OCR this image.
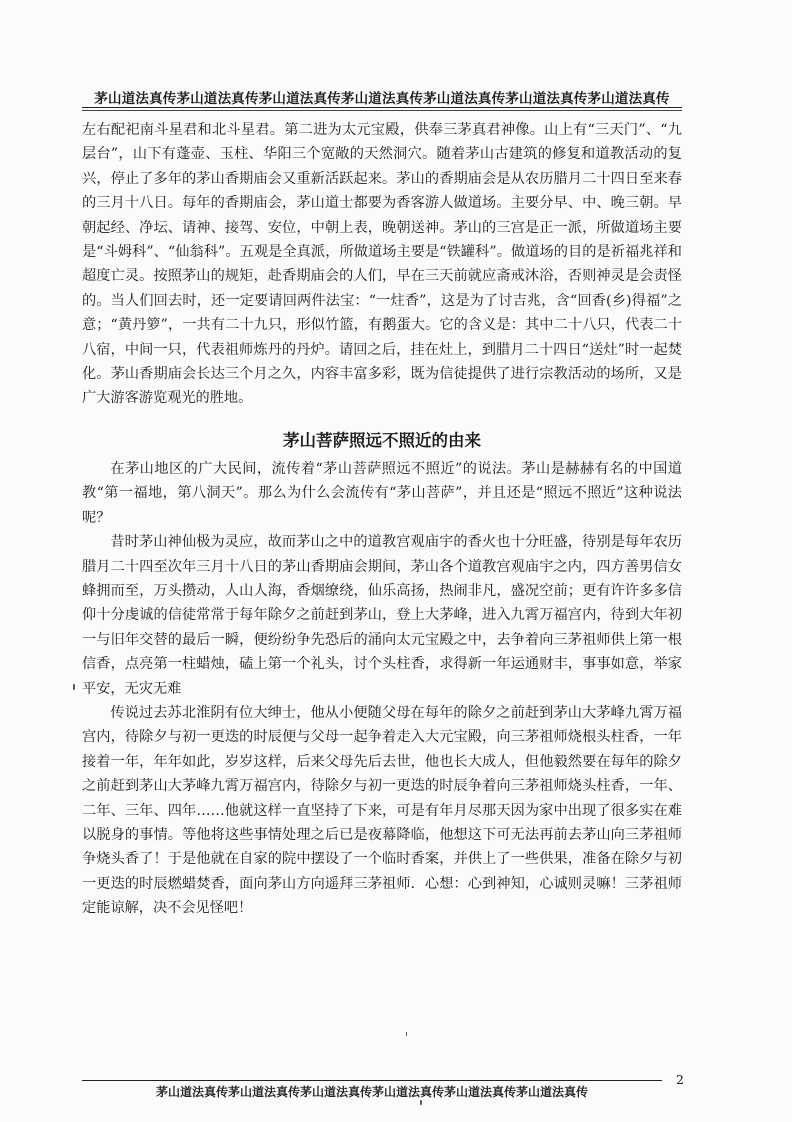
茅山道法真传茅山道法真传茅山道法真传茅山道法真传茅山道法真传茅山道法真传茅山道法真传

左右配祀南斗星君和北斗星君。第二进为太元宝殿，供奉三茅真君神像。山上有“三天门”、“九层台”，山下有蓬壶、玉柱、华阳三个宽敞的天然洞穴。随着茅山古建筑的修复和道教活动的复兴，停止了多年的茅山香期庙会又重新活跃起来。茅山的香期庙会是从农历腊月二十四日至来春的三月十八日。每年的香期庙会，茅山道士都要为香客游人做道场。主要分早、中、晚三朝。早朝起经、净坛、请神、接驾、安位，中朝上表，晚朝送神。茅山的三宫是正一派，所做道场主要是“斗姆科”、“仙翁科”。五观是全真派，所做道场主要是“铁罐科”。做道场的目的是祈福兆祥和超度亡灵。按照茅山的规矩，赴香期庙会的人们，早在三天前就应斋戒沐浴，否则神灵是会责怪的。当人们回去时，还一定要请回两件法宝：“一炷香”，这是为了讨吉兆，含“回香(乡)得福”之意；“黄丹箩”，一共有二十九只，形似竹篮，有鹅蛋大。它的含义是：其中二十八只，代表二十八宿，中间一只，代表祖师炼丹的丹炉。请回之后，挂在灶上，到腊月二十四日“送灶”时一起焚化。茅山香期庙会长达三个月之久，内容丰富多彩，既为信徒提供了进行宗教活动的场所，又是广大游客游览观光的胜地。

茅山菩萨照远不照近的由来

在茅山地区的广大民间，流传着“茅山菩萨照远不照近”的说法。茅山是赫赫有名的中国道教“第一福地，第八洞天”。那么为什么会流传有“茅山菩萨”，并且还是“照远不照近”这种说法呢？

昔时茅山神仙极为灵应，故而茅山之中的道教宫观庙宇的香火也十分旺盛，待别是每年农历腊月二十四至次年三月十八日的茅山香期庙会期间，茅山各个道教宫观庙宇之内，四方善男信女蜂拥而至，万头攒动，人山人海，香烟缭绕，仙乐高扬，热闹非凡，盛况空前；更有许许多多信仰十分虔诚的信徒常常于每年除夕之前赶到茅山，登上大茅峰，进入九霄万福宫内，待到大年初一与旧年交替的最后一瞬，便纷纷争先恐后的涌向太元宝殿之中，去争着向三茅祖师供上第一根信香，点亮第一柱蜡烛，磕上第一个礼头，讨个头柱香，求得新一年运通财丰，事事如意，举家平安，无灾无难

传说过去苏北淮阴有位大绅士，他从小便随父母在每年的除夕之前赶到茅山大茅峰九霄万福宫内，待除夕与初一更迭的时辰便与父母一起争着走入大元宝殿，向三茅祖师烧根头柱香，一年接着一年，年年如此，岁岁这样，后来父母先后去世，他也长大成人，但他毅然要在每年的除夕之前赶到茅山大茅峰九霄万福宫内，待除夕与初一更迭的时辰争着向三茅祖师烧头柱香，一年、二年、三年、四年……他就这样一直坚持了下来，可是有年月尽那天因为家中出现了很多实在难以脱身的事情。等他将这些事情处理之后已是夜幕降临，他想这下可无法再前去茅山向三茅祖师争烧头香了！于是他就在自家的院中摆设了一个临时香案，并供上了一些供果，准备在除夕与初一更迭的时辰燃蜡焚香，面向茅山方向遥拜三茅祖师．心想：心到神知，心诚则灵嘛！三茅祖师定能谅解，决不会见怪吧！

茅山道法真传茅山道法真传茅山道法真传茅山道法真传茅山道法真传茅山道法真传
2
